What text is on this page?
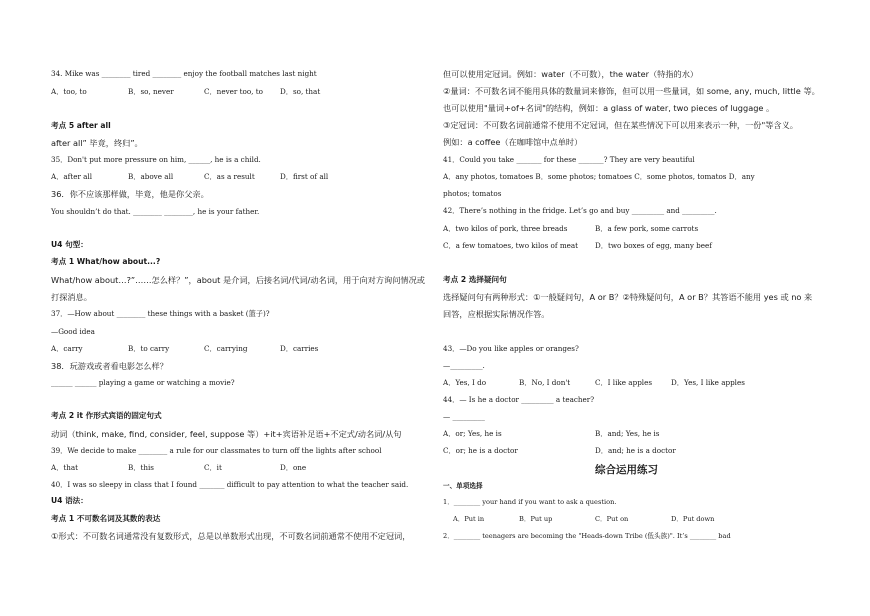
34. Mike was ________ tired ________ enjoy the football matches last night
A．too, to	B．so, never	C．never too, to D．so, that
考点 5 after all
after all” 毕竟，终归”。
35．Don't put more pressure on him, ______, he is a child.
A．after all	B．above all	C．as a result	D．first of all
36．你不应该那样做，毕竟，他是你父亲。
You shouldn’t do that. ________ ________, he is your father.
U4 句型：
考点 1 What/how about...?
What/how about…?”……怎么样？”，about 是介词，后接名词/代词/动名词，用于向对方询问情况或
打探消息。
37．—How about ________ these things with a basket (篮子)?
—Good idea
A．carry	B．to carry	C．carrying	D．carries
38．玩游戏或者看电影怎么样？
______ ______ playing a game or watching a movie?
考点 2 it 作形式宾语的固定句式
动词（think, make, find, consider, feel, suppose 等）+it+宾语补足语+不定式/动名词/从句
39．We decide to make ________ a rule for our classmates to turn off the lights after school
A．that	B．this	C．it	D．one
40．I was so sleepy in class that I found _______ difficult to pay attention to what the teacher said.
U4 语法：
考点 1 不可数名词及其数的表达
①形式：不可数名词通常没有复数形式，总是以单数形式出现，不可数名词前通常不使用不定冠词，
但可以使用定冠词。例如：water（不可数），the water（特指的水）
②量词：不可数名词不能用具体的数量词来修饰，但可以用一些量词，如 some, any, much, little 等。
也可以使用"量词+of+名词"的结构，例如：a glass of water, two pieces of luggage 。
③定冠词：不可数名词前通常不使用不定冠词，但在某些情况下可以用来表示一种，一份"等含义。
例如：a coffee（在咖啡馆中点单时）
41．Could you take _______ for these _______? They are very beautiful
A．any photos, tomatoes B．some photos; tomatoes C．some photos, tomatos D．any
photos; tomatos
42．There’s nothing in the fridge. Let’s go and buy _________ and _________.
A．two kilos of pork, three breads	B．a few pork, some carrots
C．a few tomatoes, two kilos of meat D．two boxes of egg, many beef
考点 2 选择疑问句
选择疑问句有两种形式：①一般疑问句，A or B？②特殊疑问句，A or B？其答语不能用 yes 或 no 来
回答，应根据实际情况作答。
43．—Do you like apples or oranges?
—_________.
A．Yes, I do	B．No, I don't	C．I like apples	D．Yes, I like apples
44．— Is he a doctor _________ a teacher?
— _________
A．or; Yes, he is	B．and; Yes, he is
C．or; he is a doctor	D．and; he is a doctor
综合运用练习
一、单项选择
1．________ your hand if you want to ask a question.
A．Put in	B．Put up	C．Put on	D．Put down
2．________ teenagers are becoming the "Heads-down Tribe (低头族)". It’s ________ bad
